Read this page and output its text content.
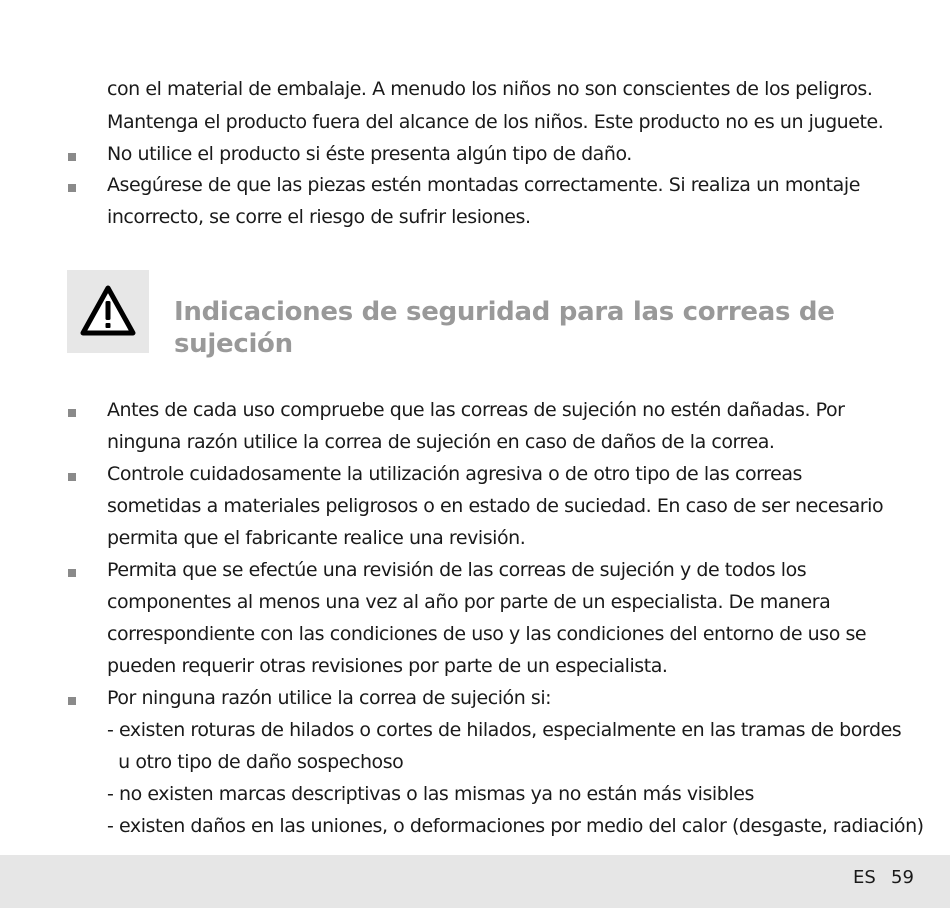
con el material de embalaje. A menudo los niños no son conscientes de los peligros.
Mantenga el producto fuera del alcance de los niños. Este producto no es un juguete.
No utilice el producto si éste presenta algún tipo de daño.
Asegúrese de que las piezas estén montadas correctamente. Si realiza un montaje
incorrecto, se corre el riesgo de sufrir lesiones.
Indicaciones de seguridad para las correas de
sujeción
Antes de cada uso compruebe que las correas de sujeción no estén dañadas. Por
ninguna razón utilice la correa de sujeción en caso de daños de la correa.
Controle cuidadosamente la utilización agresiva o de otro tipo de las correas
sometidas a materiales peligrosos o en estado de suciedad. En caso de ser necesario
permita que el fabricante realice una revisión.
Permita que se efectúe una revisión de las correas de sujeción y de todos los
componentes al menos una vez al año por parte de un especialista. De manera
correspondiente con las condiciones de uso y las condiciones del entorno de uso se
pueden requerir otras revisiones por parte de un especialista.
Por ninguna razón utilice la correa de sujeción si:
- existen roturas de hilados o cortes de hilados, especialmente en las tramas de bordes
u otro tipo de daño sospechoso
- no existen marcas descriptivas o las mismas ya no están más visibles
- existen daños en las uniones, o deformaciones por medio del calor (desgaste, radiación)
ES 59
